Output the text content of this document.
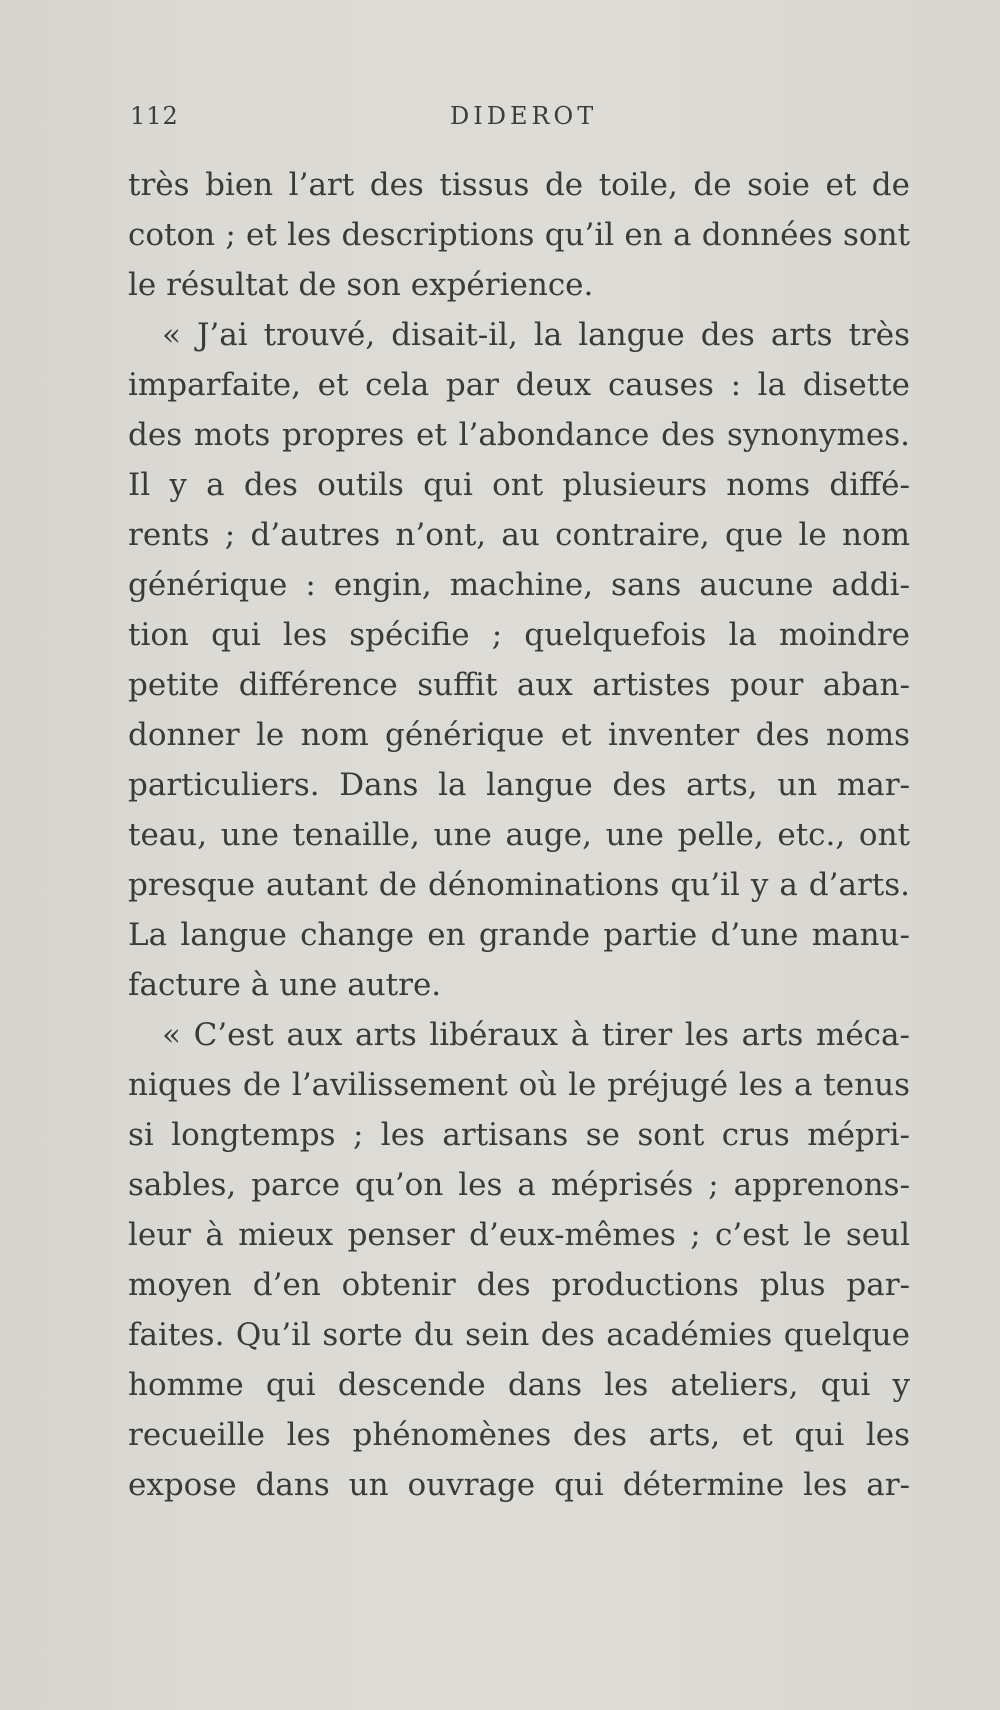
112	DIDEROT
très bien l’art des tissus de toile, de soie et de
coton ; et les descriptions qu’il en a données sont
le résultat de son expérience.
« J’ai trouvé, disait-il, la langue des arts très
imparfaite, et cela par deux causes : la disette
des mots propres et l’abondance des synonymes.
Il y a des outils qui ont plusieurs noms diffé-
rents ; d’autres n’ont, au contraire, que le nom
générique : engin, machine, sans aucune addi-
tion qui les spécifie ; quelquefois la moindre
petite différence suffit aux artistes pour aban-
donner le nom générique et inventer des noms
particuliers. Dans la langue des arts, un mar-
teau, une tenaille, une auge, une pelle, etc., ont
presque autant de dénominations qu’il y a d’arts.
La langue change en grande partie d’une manu-
facture à une autre.
« C’est aux arts libéraux à tirer les arts méca-
niques de l’avilissement où le préjugé les a tenus
si longtemps ; les artisans se sont crus mépri-
sables, parce qu’on les a méprisés ; apprenons-
leur à mieux penser d’eux-mêmes ; c’est le seul
moyen d’en obtenir des productions plus par-
faites. Qu’il sorte du sein des académies quelque
homme qui descende dans les ateliers, qui y
recueille les phénomènes des arts, et qui les
expose dans un ouvrage qui détermine les ar-
